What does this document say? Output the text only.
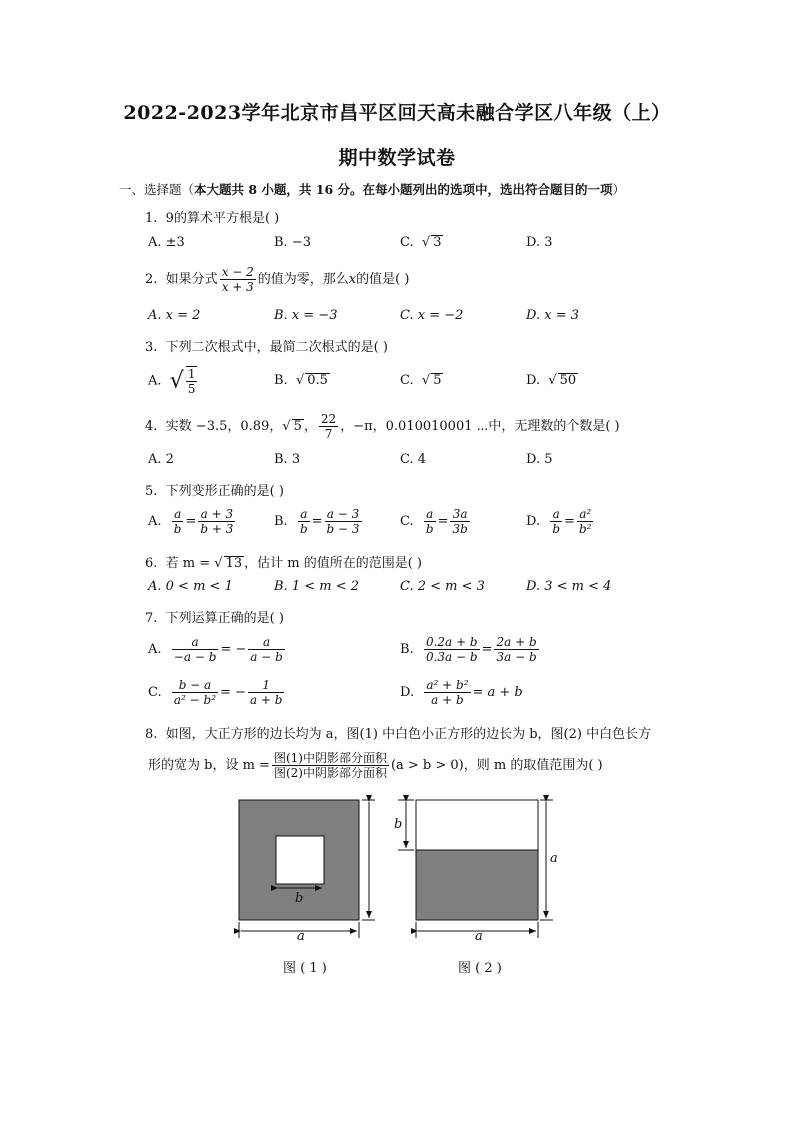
2022-2023学年北京市昌平区回天高未融合学区八年级（上）
期中数学试卷
一、选择题（本大题共 8 小题，共 16 分。在每小题列出的选项中，选出符合题目的一项）
1. 9的算术平方根是( )
A. ±3	B. −3	C. √ 3	D. 3
2. 如果分式 $\frac{x - 2}{x + 3}$ 的值为零，那么x的值是( )
A. x = 2	B. x = −3	C. x = −2	D. x = 3
3. 下列二次根式中，最简二次根式的是( )
A. √ $\frac{1}{5}$	B.  √ 0.5	C.  √ 5	D.  √ 50
4. 实数 −3.5，0.89，√ 5 ， $\frac{22}{7}$ ，−π，0.010010001 ⋯中，无理数的个数是( )
A. 2	B. 3	C. 4	D. 5
5. 下列变形正确的是( )
A. $\frac{a}{b} = \frac{a + 3}{b + 3}$	B. $\frac{a}{b} = \frac{a - 3}{b - 3}$	C. $\frac{a}{b} = \frac{3a}{3b}$	D. $\frac{a}{b} = \frac{\text{a²}}{\text{b²}}$
6. 若 m = √ 13 ，估计 m 的值所在的范围是( )
A. 0 < m < 1	B. 1 < m < 2	C. 2 < m < 3	D. 3 < m < 4
7. 下列运算正确的是( )
A. $\frac{a}{-a - b}$ = − $\frac{a}{a - b}$	B. $\frac{0.2a + b}{0.3a - b} = \frac{2a + b}{3a - b}$
C. $\frac{b - a}{\text{a² − b²}}$ = − $\frac{1}{a + b}$	D. $\frac{\text{a² + b²}}{a + b} = a + b$
8. 如图，大正方形的边长均为 a，图(1) 中白色小正方形的边长为 b，图(2) 中白色长方
形的宽为 b，设 $m = \frac{\text{图(1)中阴影部分面积}}{\text{图(2)中阴影部分面积}} (a > b > 0)$，则 m 的取值范围为( )
b
a
b
a
a
图 ( 1 )	图 ( 2 )
